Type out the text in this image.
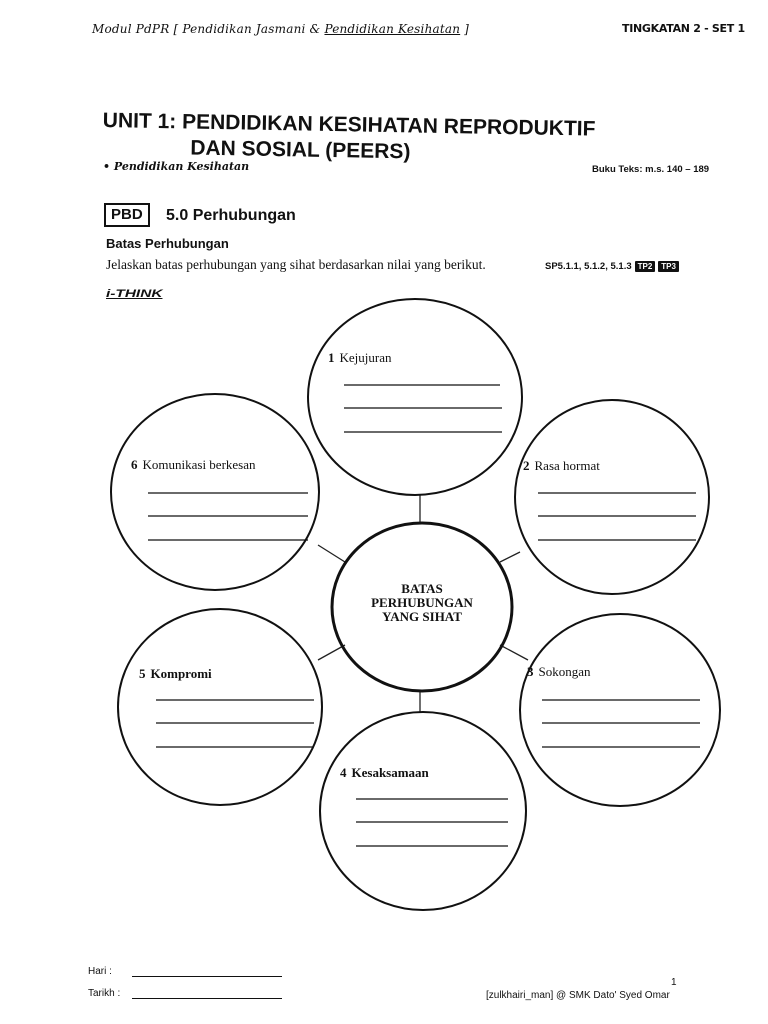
Modul PdPR [ Pendidikan Jasmani & Pendidikan Kesihatan ]	TINGKATAN 2 - SET 1
UNIT 1: PENDIDIKAN KESIHATAN REPRODUKTIF
DAN SOSIAL (PEERS)
• Pendidikan Kesihatan	Buku Teks: m.s. 140 – 189
PBD	5.0 Perhubungan
Batas Perhubungan
Jelaskan batas perhubungan yang sihat berdasarkan nilai yang berikut.	SP5.1.1, 5.1.2, 5.1.3 TP2 TP3
i-THINK
1 Kejujuran
2 Rasa hormat
3 Sokongan
4 Kesaksamaan
5 Kompromi
6 Komunikasi berkesan
BATAS
PERHUBUNGAN
YANG SIHAT
Hari :
Tarikh :
1
[zulkhairi_man] @ SMK Dato' Syed Omar
